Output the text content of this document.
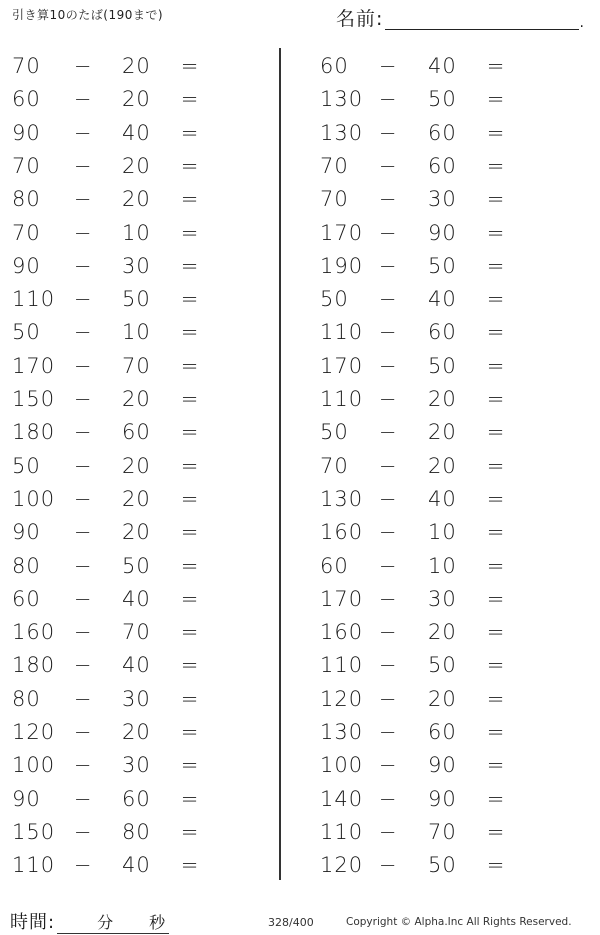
引き算10のたば(190まで)	名前:	.
70	− 20	=
60	− 20	=
90	− 40	=
70	− 20	=
80	− 20	=
70	− 10	=
90	− 30	=
110 − 50	=
50	− 10	=
170 − 70	=
150 − 20	=
180 − 60	=
50	− 20	=
100 − 20	=
90	− 20	=
80	− 50	=
60	− 40	=
160 − 70	=
180 − 40	=
80	− 30	=
120 − 20	=
100 − 30	=
90	− 60	=
150 − 80	=
110 − 40	=
60	− 40	=
130 − 50	=
130 − 60	=
70	− 60	=
70	− 30	=
170 − 90	=
190 − 50	=
50	− 40	=
110 − 60	=
170 − 50	=
110 − 20	=
50	− 20	=
70	− 20	=
130 − 40	=
160 − 10	=
60	− 10	=
170 − 30	=
160 − 20	=
110 − 50	=
120 − 20	=
130 − 60	=
100 − 90	=
140 − 90	=
110 − 70	=
120 − 50	=
時間:	分 秒	328/400	Copyright © Alpha.Inc All Rights Reserved.
